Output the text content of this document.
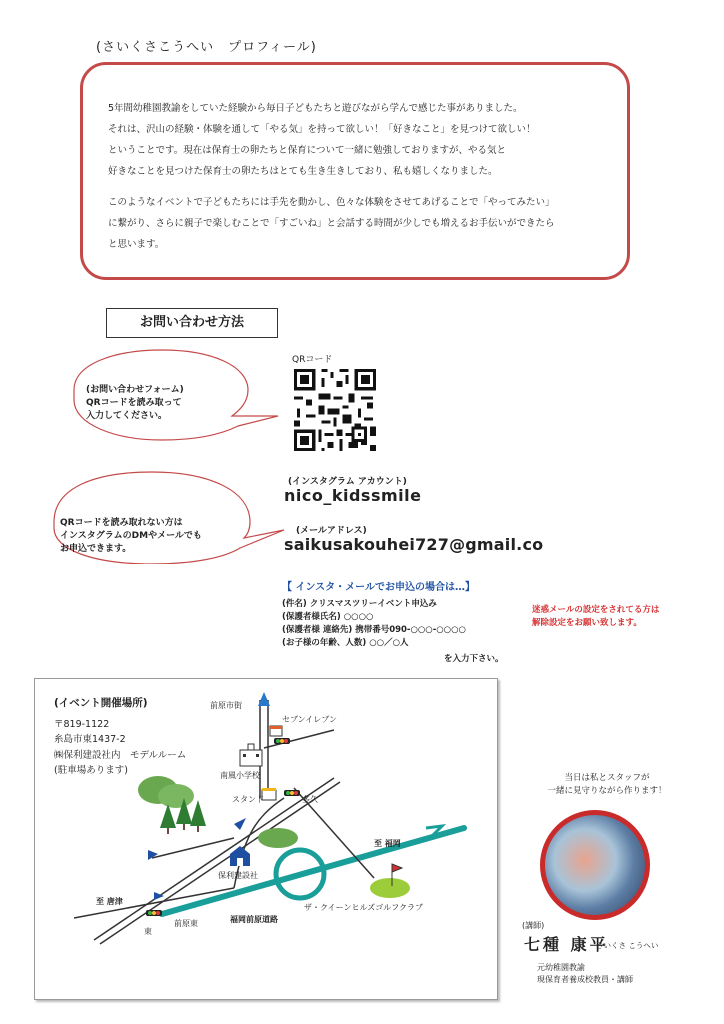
(さいくさこうへい　プロフィール)

5年間幼稚園教諭をしていた経験から毎日子どもたちと遊びながら学んで感じた事がありました。

それは、沢山の経験・体験を通して「やる気」を持って欲しい！「好きなこと」を見つけて欲しい！

ということです。現在は保育士の卵たちと保育について一緒に勉強しておりますが、やる気と

好きなことを見つけた保育士の卵たちはとても生き生きしており、私も嬉しくなりました。

このようなイベントで子どもたちには手先を動かし、色々な体験をさせてあげることで「やってみたい」

に繋がり、さらに親子で楽しむことで「すごいね」と会話する時間が少しでも増えるお手伝いができたら

と思います。

お問い合わせ方法
(お問い合わせフォーム)
QRコードを読み取って
入力してください。
QRコードを読み取れない方は
インスタグラムのDMやメールでも
お申込できます。
QRコード
(インスタグラム アカウント)
nico_kidssmile
(メールアドレス)
saikusakouhei727@gmail.co
【 インスタ・メールでお申込の場合は…】
(件名) クリスマスツリーイベント申込み
(保護者様氏名) ○○○○
(保護者様 連絡先) 携帯番号090-○○○-○○○○
(お子様の年齢、人数) ○○／○人
を入力下さい。
迷惑メールの設定をされてる方は
解除設定をお願い致します。
前原市街
セブンイレブン
南風小学校
スタンド	多久
保利建設社
至 福岡
至 唐津
東
前原東	福岡前原道路
ザ・クイーンヒルズゴルフクラブ
(イベント開催場所)
〒819-1122
糸島市東1437-2
㈱保利建設社内　モデルルーム
(駐車場あります)
当日は私とスタッフが
一緒に見守りながら作ります！
(講師)
七種 康平
さいくさ こうへい
元幼稚園教諭
現保育者養成校教員・講師
